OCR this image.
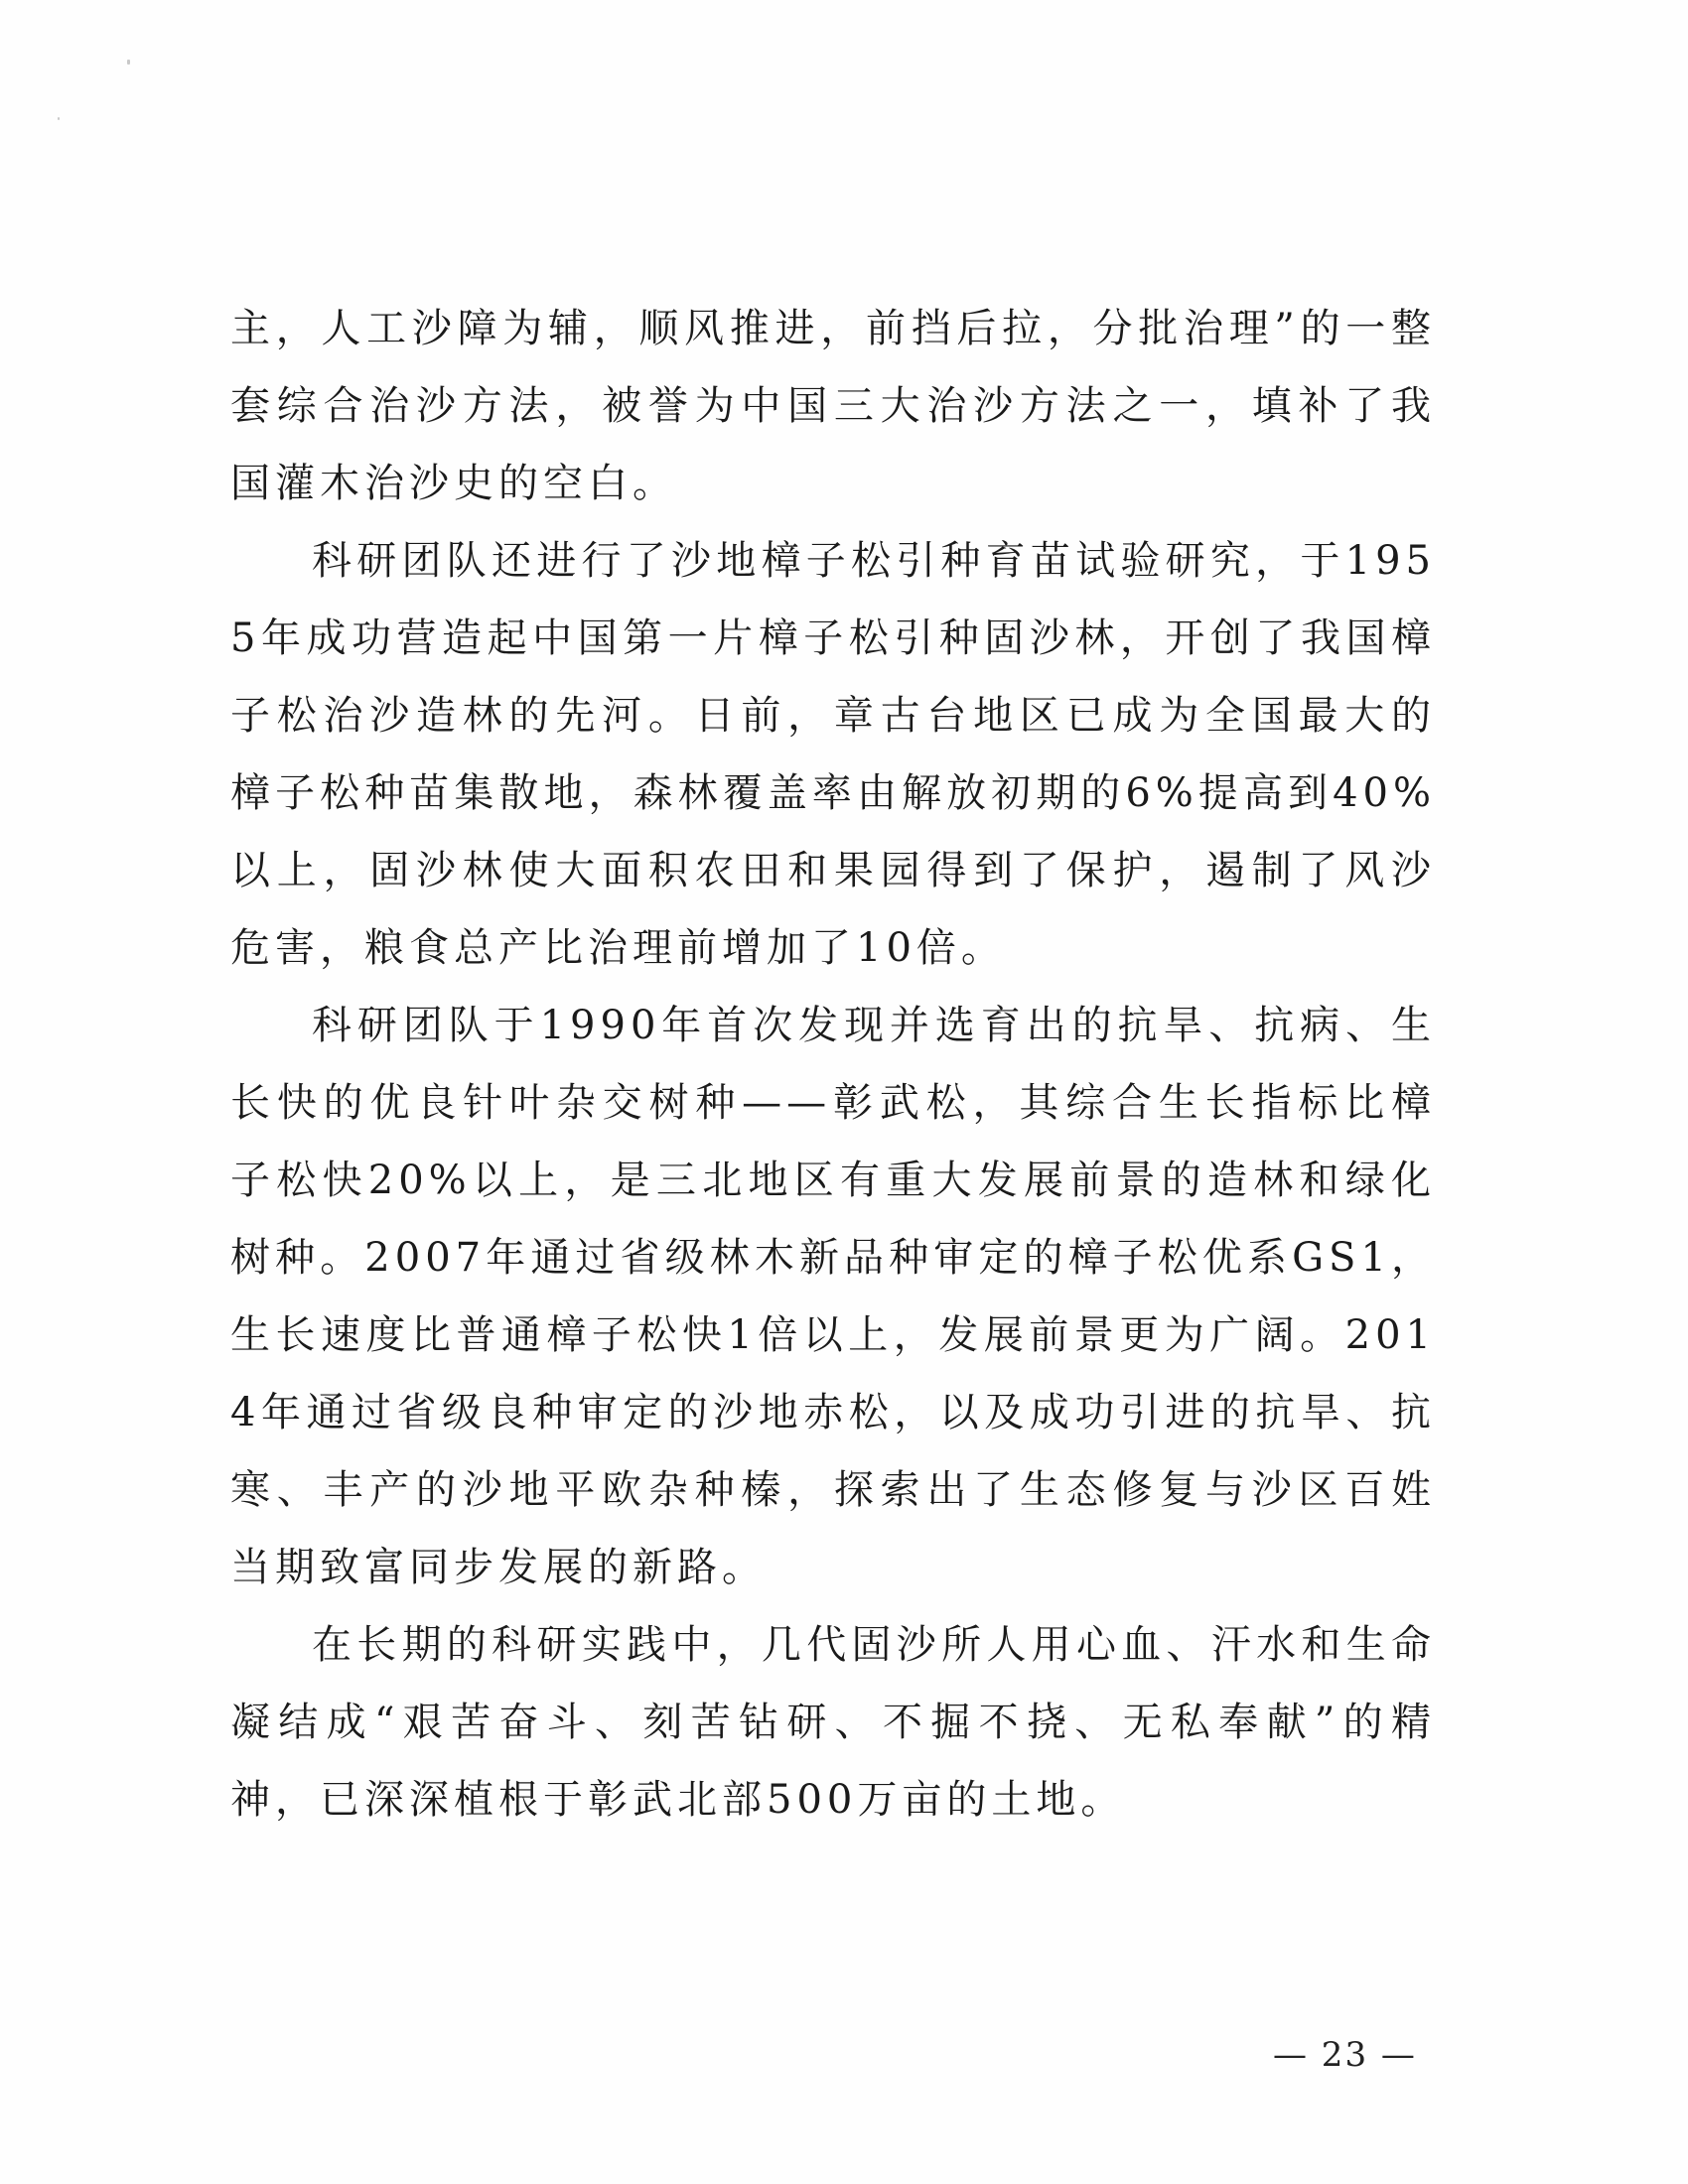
主，人工沙障为辅，顺风推进，前挡后拉，分批治理”的一整套综合治沙方法，被誉为中国三大治沙方法之一，填补了我国灌木治沙史的空白。

科研团队还进行了沙地樟子松引种育苗试验研究，于1955年成功营造起中国第一片樟子松引种固沙林，开创了我国樟子松治沙造林的先河。日前，章古台地区已成为全国最大的樟子松种苗集散地，森林覆盖率由解放初期的6%提高到40%以上，固沙林使大面积农田和果园得到了保护，遏制了风沙危害，粮食总产比治理前增加了10倍。

科研团队于1990年首次发现并选育出的抗旱、抗病、生长快的优良针叶杂交树种——彰武松，其综合生长指标比樟子松快20%以上，是三北地区有重大发展前景的造林和绿化树种。2007年通过省级林木新品种审定的樟子松优系GS1，生长速度比普通樟子松快1倍以上，发展前景更为广阔。2014年通过省级良种审定的沙地赤松，以及成功引进的抗旱、抗寒、丰产的沙地平欧杂种榛，探索出了生态修复与沙区百姓当期致富同步发展的新路。

在长期的科研实践中，几代固沙所人用心血、汗水和生命凝结成“艰苦奋斗、刻苦钻研、不掘不挠、无私奉献”的精神，已深深植根于彰武北部500万亩的土地。

— 23 —
